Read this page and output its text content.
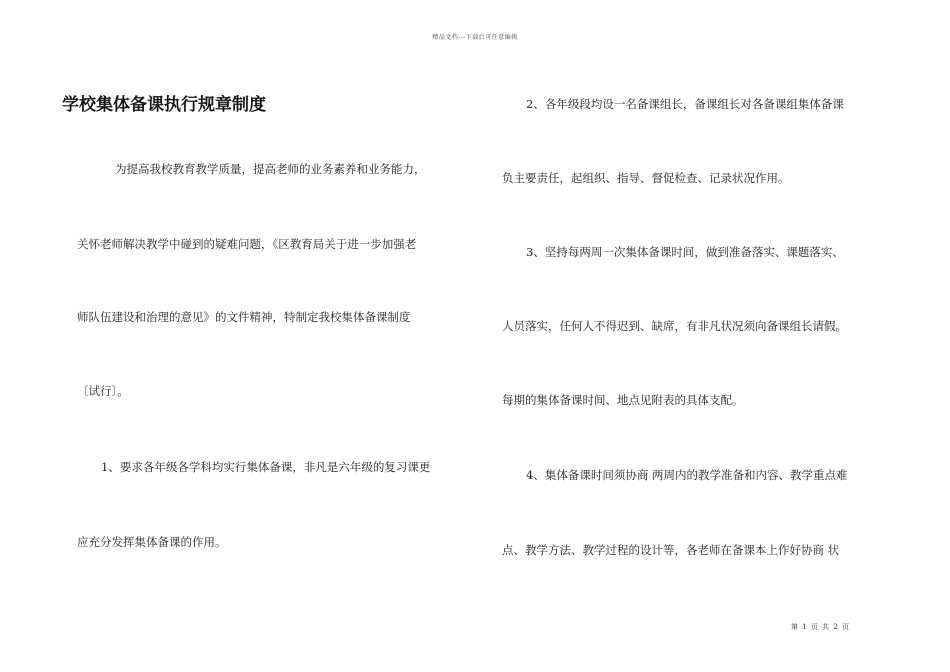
精品文档---下载后可任意编辑
学校集体备课执行规章制度
为提高我校教育教学质量，提高老师的业务素养和业务能力，
关怀老师解决教学中碰到的疑难问题，《区教育局关于进一步加强老
师队伍建设和治理的意见》的文件精神，特制定我校集体备课制度
〔试行〕。
1、要求各年级各学科均实行集体备课，非凡是六年级的复习课更
应充分发挥集体备课的作用。
2、各年级段均设一名备课组长，备课组长对各备课组集体备课
负主要责任，起组织、指导、督促检查、记录状况作用。
3、坚持每两周一次集体备课时间，做到准备落实、课题落实、
人员落实，任何人不得迟到、缺席，有非凡状况须向备课组长请假。
每期的集体备课时间、地点见附表的具体支配。
4、集体备课时间须协商 两周内的教学准备和内容、教学重点难
点、教学方法、教学过程的设计等，各老师在备课本上作好协商 状
第 1 页 共 2 页
